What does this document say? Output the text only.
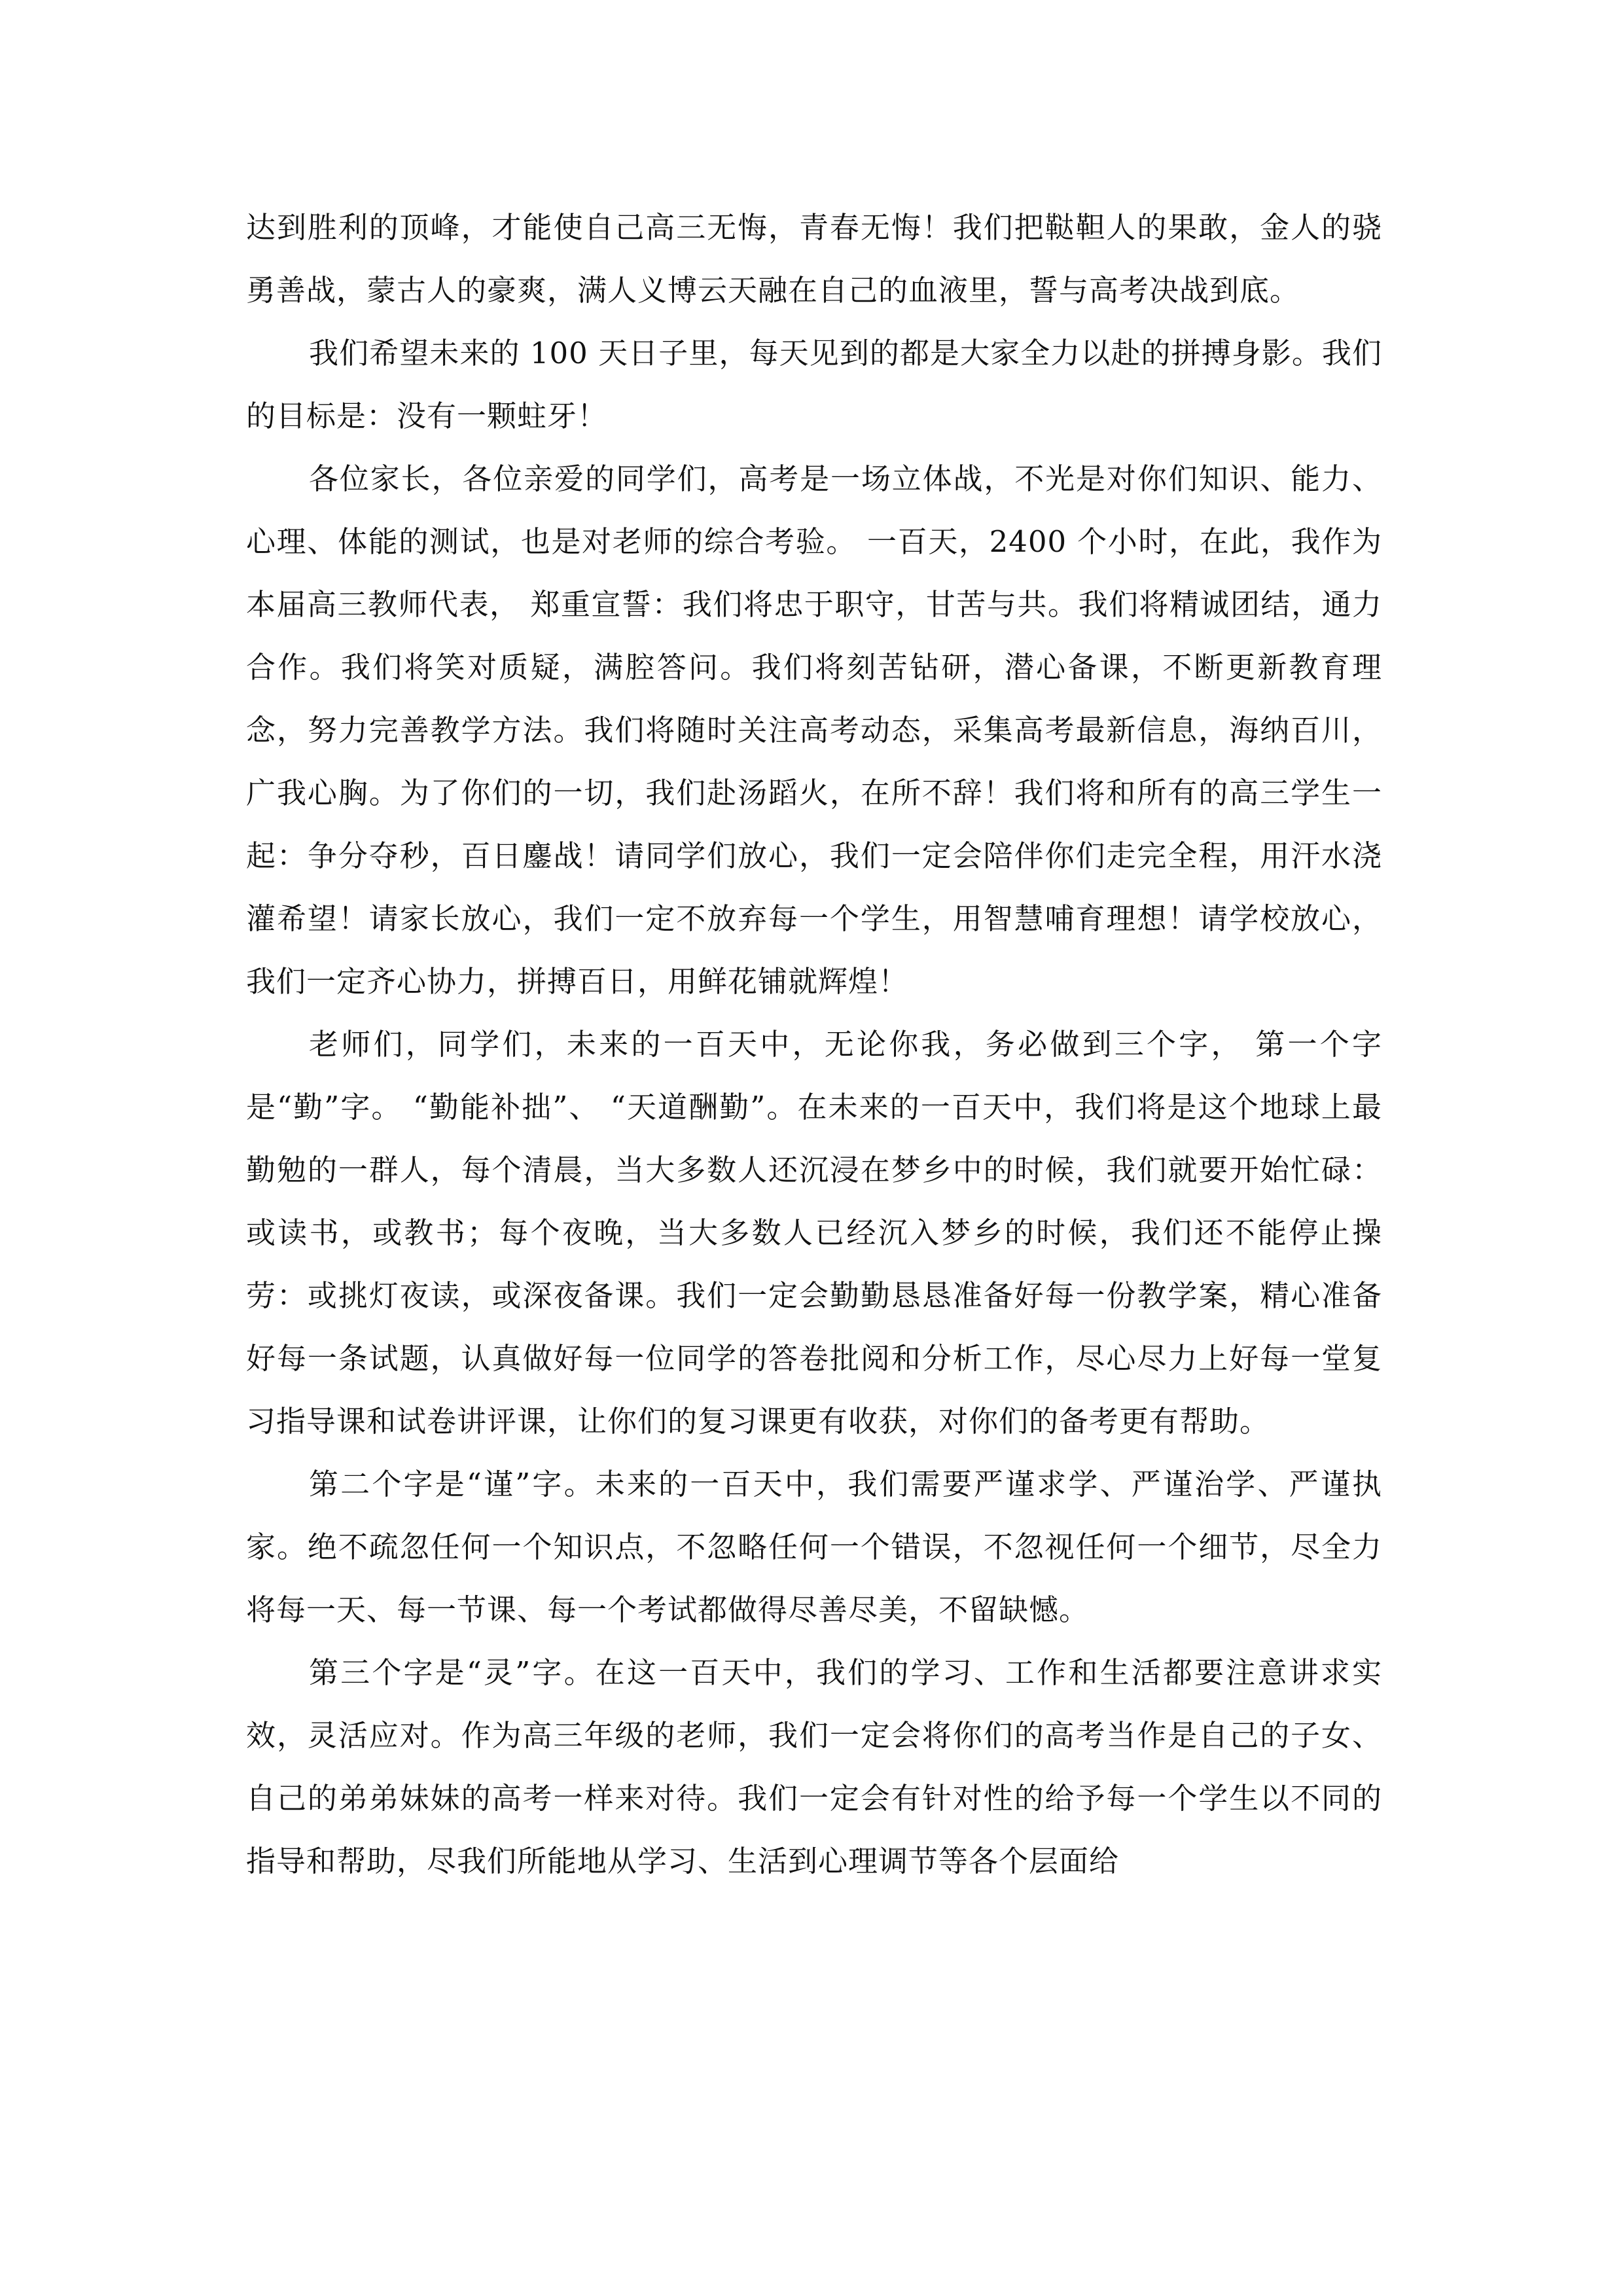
达到胜利的顶峰，才能使自己高三无悔，青春无悔！我们把鞑靼人的果敢，金人的骁勇善战，蒙古人的豪爽，满人义博云天融在自己的血液里，誓与高考决战到底。

我们希望未来的 100 天日子里，每天见到的都是大家全力以赴的拼搏身影。我们的目标是：没有一颗蛀牙！

各位家长，各位亲爱的同学们，高考是一场立体战，不光是对你们知识、能力、心理、体能的测试，也是对老师的综合考验。 一百天，2400 个小时，在此，我作为本届高三教师代表， 郑重宣誓：我们将忠于职守，甘苦与共。我们将精诚团结，通力合作。我们将笑对质疑，满腔答问。我们将刻苦钻研，潜心备课，不断更新教育理念，努力完善教学方法。我们将随时关注高考动态，采集高考最新信息，海纳百川，广我心胸。为了你们的一切，我们赴汤蹈火，在所不辞！我们将和所有的高三学生一起：争分夺秒，百日鏖战！请同学们放心，我们一定会陪伴你们走完全程，用汗水浇灌希望！请家长放心，我们一定不放弃每一个学生，用智慧哺育理想！请学校放心，我们一定齐心协力，拼搏百日，用鲜花铺就辉煌！

老师们，同学们，未来的一百天中，无论你我，务必做到三个字， 第一个字是“勤”字。 “勤能补拙”、 “天道酬勤”。在未来的一百天中，我们将是这个地球上最勤勉的一群人，每个清晨，当大多数人还沉浸在梦乡中的时候，我们就要开始忙碌：或读书，或教书；每个夜晚，当大多数人已经沉入梦乡的时候，我们还不能停止操劳：或挑灯夜读，或深夜备课。我们一定会勤勤恳恳准备好每一份教学案，精心准备好每一条试题，认真做好每一位同学的答卷批阅和分析工作，尽心尽力上好每一堂复习指导课和试卷讲评课，让你们的复习课更有收获，对你们的备考更有帮助。

第二个字是“谨”字。未来的一百天中，我们需要严谨求学、严谨治学、严谨执家。绝不疏忽任何一个知识点，不忽略任何一个错误，不忽视任何一个细节，尽全力将每一天、每一节课、每一个考试都做得尽善尽美，不留缺憾。

第三个字是“灵”字。在这一百天中，我们的学习、工作和生活都要注意讲求实效，灵活应对。作为高三年级的老师，我们一定会将你们的高考当作是自己的子女、自己的弟弟妹妹的高考一样来对待。我们一定会有针对性的给予每一个学生以不同的指导和帮助，尽我们所能地从学习、生活到心理调节等各个层面给
